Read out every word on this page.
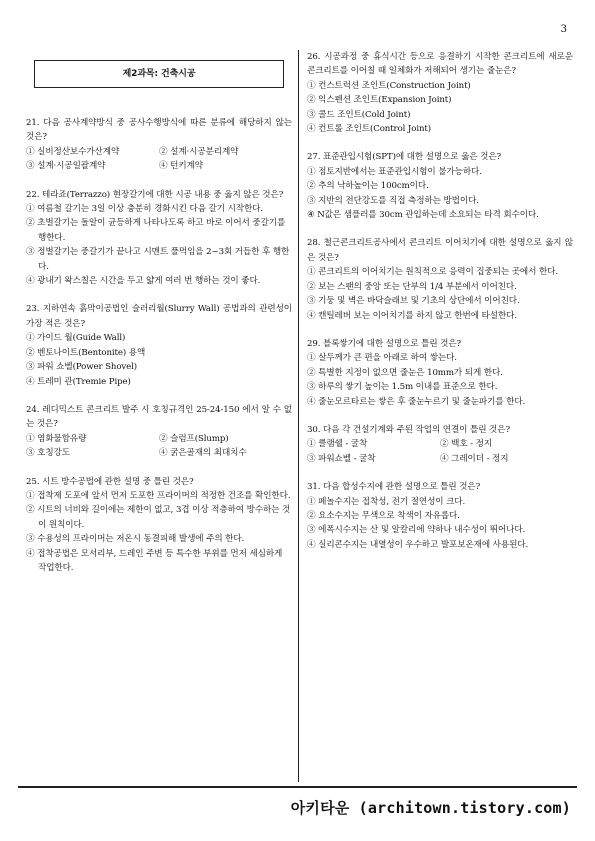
3
제2과목: 건축시공
21. 다음 공사계약방식 중 공사수행방식에 따른 분류에 해당하지 않는 것은?
① 실비정산보수가산계약	② 설계·시공분리계약
③ 설계·시공일괄계약	④ 턴키계약
22. 테라죠(Terrazzo) 현장갈기에 대한 시공 내용 중 옳지 않은 것은?
① 여름철 갈기는 3일 이상 충분히 경화시킨 다음 갈기 시작한다.
② 초벌갈기는 돌알이 균등하게 나타나도록 하고 바로 이어서 중갈기를 행한다.
③ 정벌갈기는 중갈기가 끝나고 시멘트 풀먹임을 2~3회 거듭한 후 행한다.
④ 광내기 왁스칠은 시간을 두고 얇게 여러 번 행하는 것이 좋다.
23. 지하연속 흙막이공법인 슬러리월(Slurry Wall) 공법과의 관련성이 가장 적은 것은?
① 가이드 월(Guide Wall)
② 벤토나이트(Bentonite) 용액
③ 파워 쇼벨(Power Shovel)
④ 트레미 관(Tremie Pipe)
24. 레디믹스트 콘크리트 발주 시 호칭규격인 25-24-150 에서 알 수 없는 것은?
① 염화물함유량	② 슬럼프(Slump)
③ 호칭강도	④ 굵은골재의 최대치수
25. 시트 방수공법에 관한 설명 중 틀린 것은?
① 접착제 도포에 앞서 먼저 도포한 프라이머의 적정한 건조를 확인한다.
② 시트의 너비와 길이에는 제한이 없고, 3겹 이상 적층하여 방수하는 것이 원칙이다.
③ 수용성의 프라이머는 저온시 동결피해 발생에 주의 한다.
④ 접착공법은 모서리부, 드레인 주변 등 특수한 부위를 먼저 세심하게 작업한다.
26. 시공과정 중 휴식시간 등으로 응결하기 시작한 콘크리트에 새로운 콘크리트를 이어칠 때 일체화가 저해되어 생기는 줄눈은?
① 컨스트럭션 조인트(Construction Joint)
② 익스펜션 조인트(Expansion Joint)
③ 콜드 조인트(Cold Joint)
④ 컨트롤 조인트(Control Joint)
27. 표준관입시험(SPT)에 대한 설명으로 옳은 것은?
① 점토지반에서는 표준관입시험이 불가능하다.
② 추의 낙하높이는 100cm이다.
③ 지반의 전단강도를 직접 측정하는 방법이다.
④ N값은 샘플러를 30cm 관입하는데 소요되는 타격 회수이다.
28. 철근콘크리트공사에서 콘크리트 이어치기에 대한 설명으로 옳지 않은 것은?
① 콘크리트의 이어치기는 원칙적으로 응력이 집중되는 곳에서 한다.
② 보는 스팬의 중앙 또는 단부의 1/4 부분에서 이어친다.
③ 기둥 및 벽은 바닥슬래브 및 기초의 상단에서 이어친다.
④ 캔틸레버 보는 이어치기를 하지 않고 한번에 타설한다.
29. 블록쌓기에 대한 설명으로 틀린 것은?
① 살두께가 큰 편을 아래로 하여 쌓는다.
② 특별한 지정이 없으면 줄눈은 10mm가 되게 한다.
③ 하루의 쌓기 높이는 1.5m 이내를 표준으로 한다.
④ 줄눈모르타르는 쌓은 후 줄눈누르기 및 줄눈파기를 한다.
30. 다음 각 건설기계와 주된 작업의 연결이 틀린 것은?
① 클램쉘 - 굴착	② 백호 - 정지
③ 파워쇼벨 - 굴착	④ 그레이더 - 정지
31. 다음 합성수지에 관한 설명으로 틀린 것은?
① 페놀수지는 접착성, 전기 절연성이 크다.
② 요소수지는 무색으로 착색이 자유롭다.
③ 에폭시수지는 산 및 알칼리에 약하나 내수성이 뛰어나다.
④ 실리콘수지는 내열성이 우수하고 발포보온재에 사용된다.
아키타운 (architown.tistory.com)
